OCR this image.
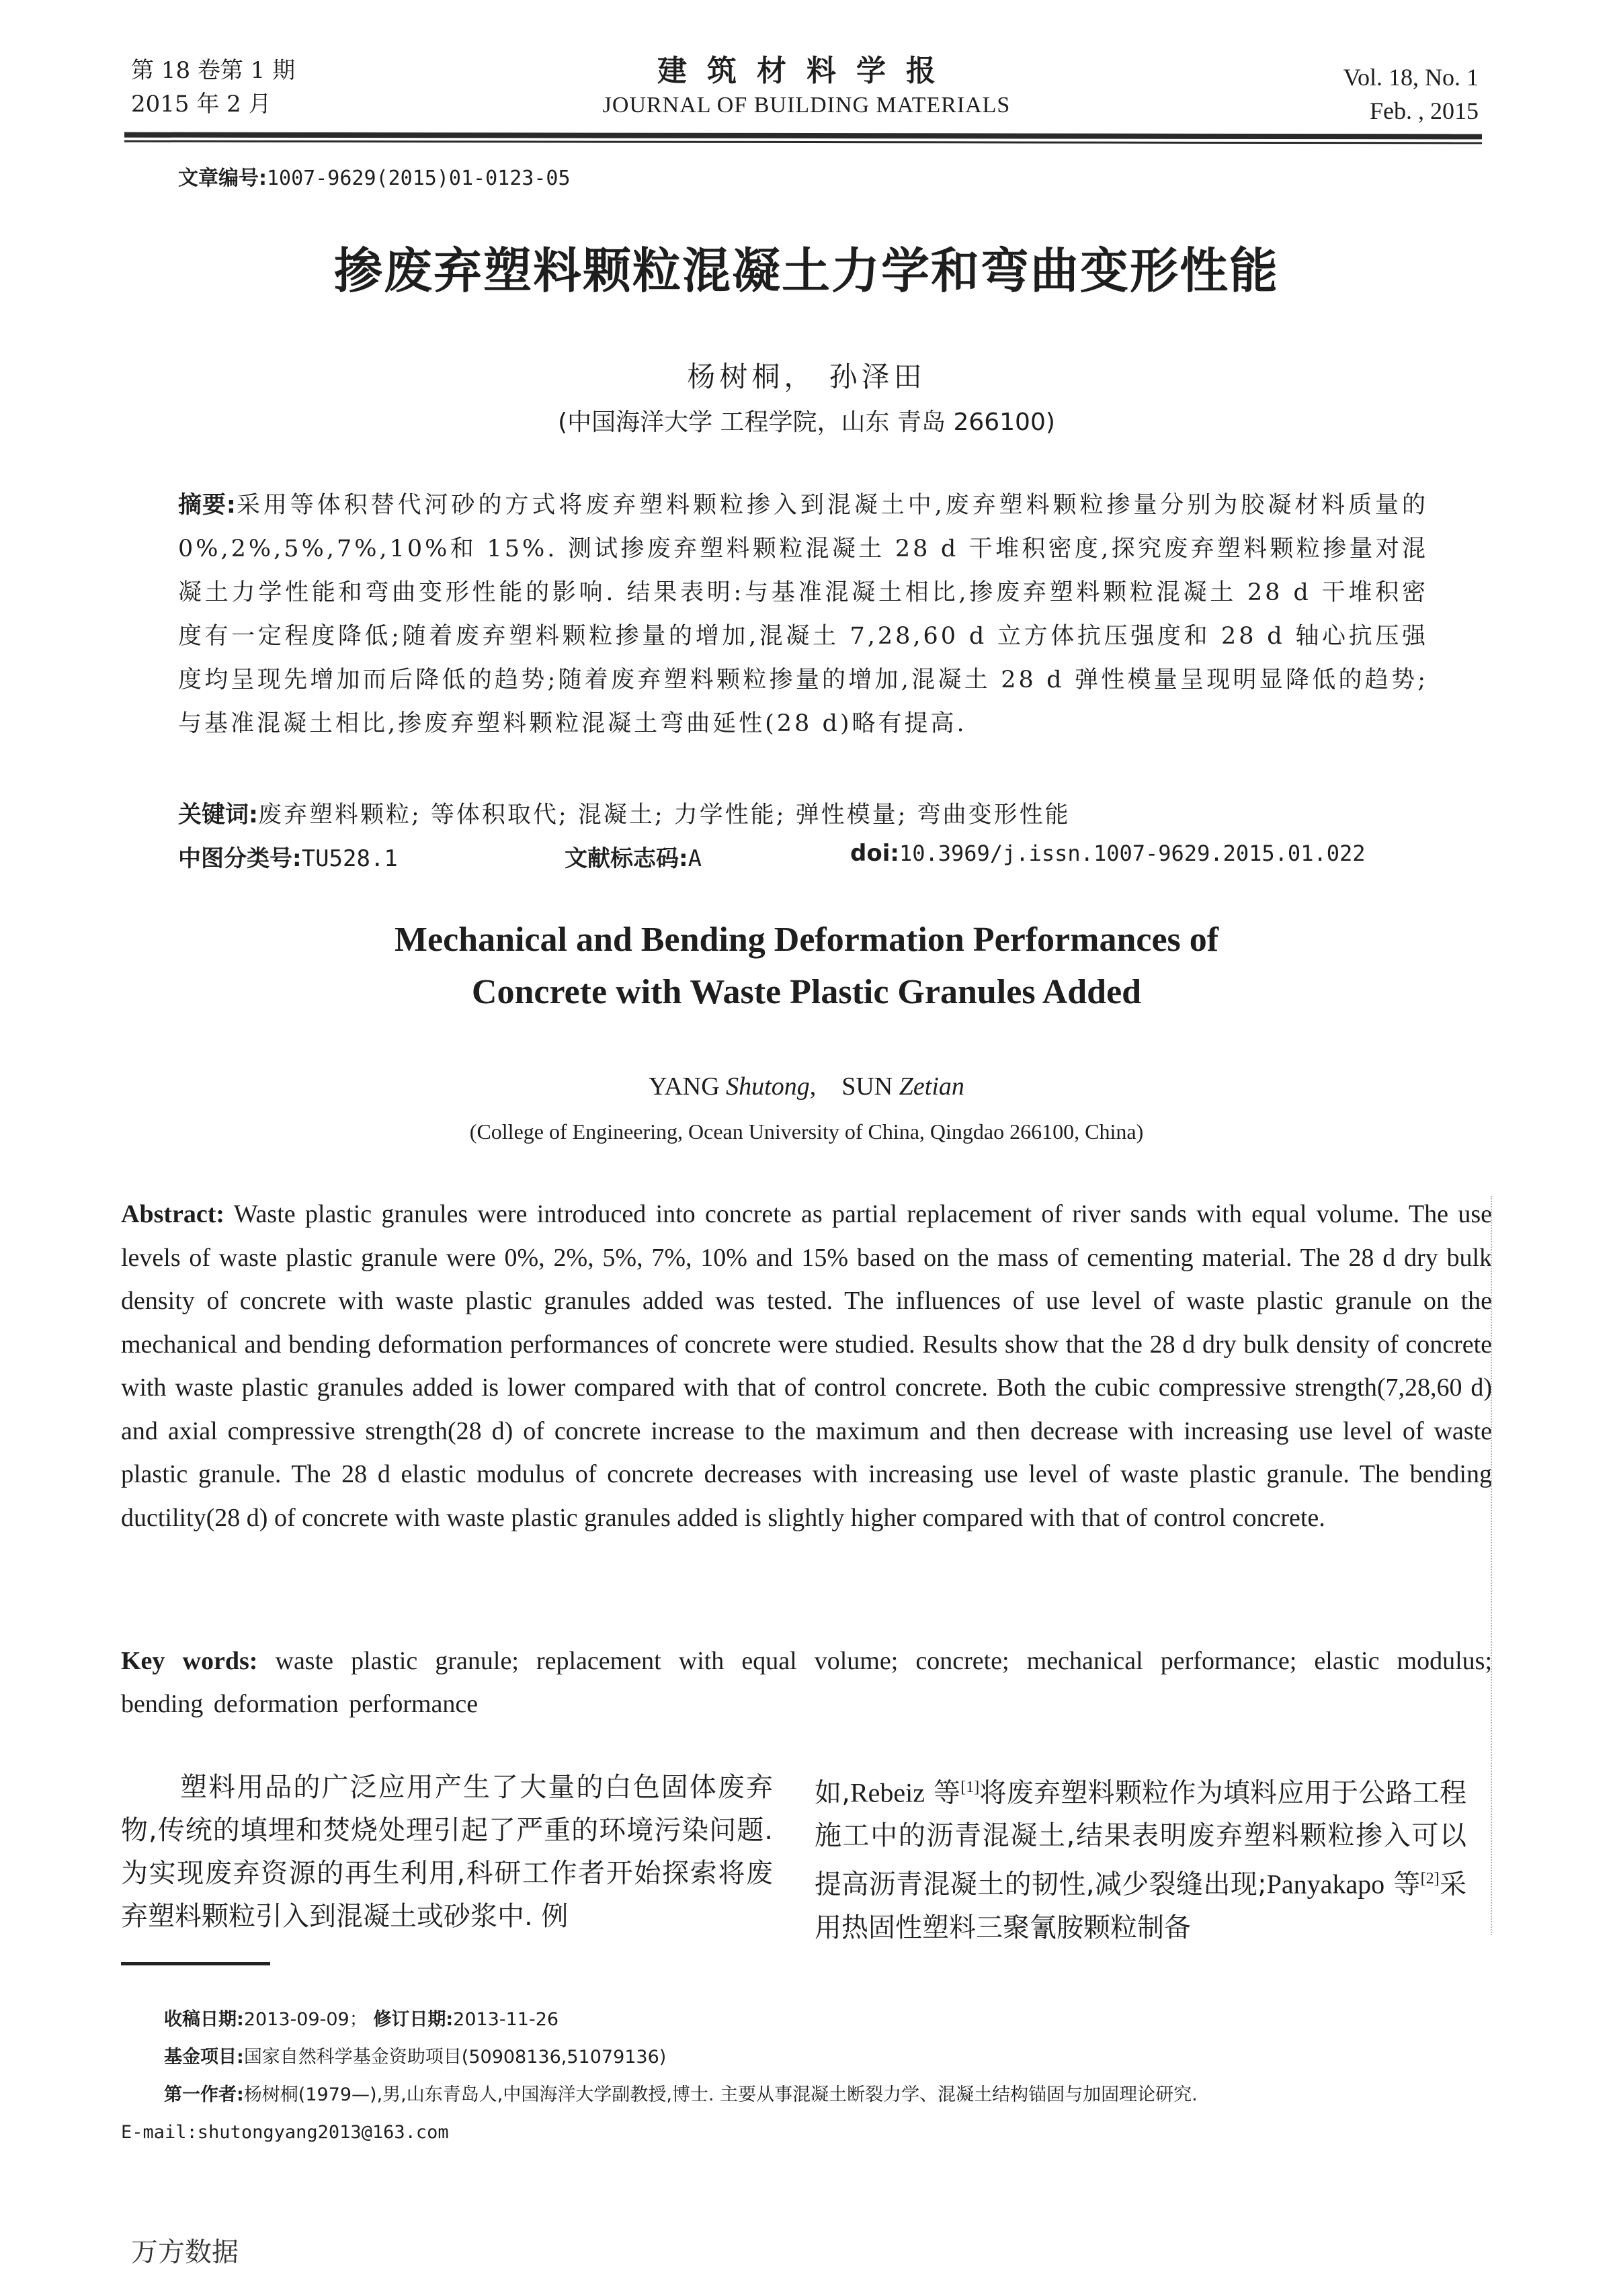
第 18 卷第 1 期
2015 年 2 月
建筑材料学报
JOURNAL OF BUILDING MATERIALS
Vol. 18, No. 1
Feb. , 2015
文章编号:1007-9629(2015)01-0123-05
掺废弃塑料颗粒混凝土力学和弯曲变形性能
杨树桐， 孙泽田
(中国海洋大学 工程学院，山东 青岛 266100)
摘要:采用等体积替代河砂的方式将废弃塑料颗粒掺入到混凝土中,废弃塑料颗粒掺量分别为胶凝材料质量的 0%,2%,5%,7%,10%和 15%. 测试掺废弃塑料颗粒混凝土 28 d 干堆积密度,探究废弃塑料颗粒掺量对混凝土力学性能和弯曲变形性能的影响. 结果表明:与基准混凝土相比,掺废弃塑料颗粒混凝土 28 d 干堆积密度有一定程度降低;随着废弃塑料颗粒掺量的增加,混凝土 7,28,60 d 立方体抗压强度和 28 d 轴心抗压强度均呈现先增加而后降低的趋势;随着废弃塑料颗粒掺量的增加,混凝土 28 d 弹性模量呈现明显降低的趋势;与基准混凝土相比,掺废弃塑料颗粒混凝土弯曲延性(28 d)略有提高.
关键词:废弃塑料颗粒; 等体积取代; 混凝土; 力学性能; 弹性模量; 弯曲变形性能
中图分类号:TU528.1	文献标志码:A	doi:10.3969/j.issn.1007-9629.2015.01.022
Mechanical and Bending Deformation Performances of
Concrete with Waste Plastic Granules Added
YANG Shutong, SUN Zetian
(College of Engineering, Ocean University of China, Qingdao 266100, China)
Abstract: Waste plastic granules were introduced into concrete as partial replacement of river sands with equal volume. The use levels of waste plastic granule were 0%, 2%, 5%, 7%, 10% and 15% based on the mass of cementing material. The 28 d dry bulk density of concrete with waste plastic granules added was tested. The influences of use level of waste plastic granule on the mechanical and bending deformation performances of concrete were studied. Results show that the 28 d dry bulk density of concrete with waste plastic granules added is lower compared with that of control concrete. Both the cubic compressive strength(7,28,60 d) and axial compressive strength(28 d) of concrete increase to the maximum and then decrease with increasing use level of waste plastic granule. The 28 d elastic modulus of concrete decreases with increasing use level of waste plastic granule. The bending ductility(28 d) of concrete with waste plastic granules added is slightly higher compared with that of control concrete.
Key words: waste plastic granule; replacement with equal volume; concrete; mechanical performance; elastic modulus; bending deformation performance
塑料用品的广泛应用产生了大量的白色固体废弃物,传统的填埋和焚烧处理引起了严重的环境污染问题. 为实现废弃资源的再生利用,科研工作者开始探索将废弃塑料颗粒引入到混凝土或砂浆中. 例
如,Rebeiz 等[1]将废弃塑料颗粒作为填料应用于公路工程施工中的沥青混凝土,结果表明废弃塑料颗粒掺入可以提高沥青混凝土的韧性,减少裂缝出现;Panyakapo 等[2]采用热固性塑料三聚氰胺颗粒制备
收稿日期:2013-09-09； 修订日期:2013-11-26
基金项目:国家自然科学基金资助项目(50908136,51079136)
第一作者:杨树桐(1979—),男,山东青岛人,中国海洋大学副教授,博士. 主要从事混凝土断裂力学、混凝土结构锚固与加固理论研究.
E-mail:shutongyang2013@163.com
万方数据
